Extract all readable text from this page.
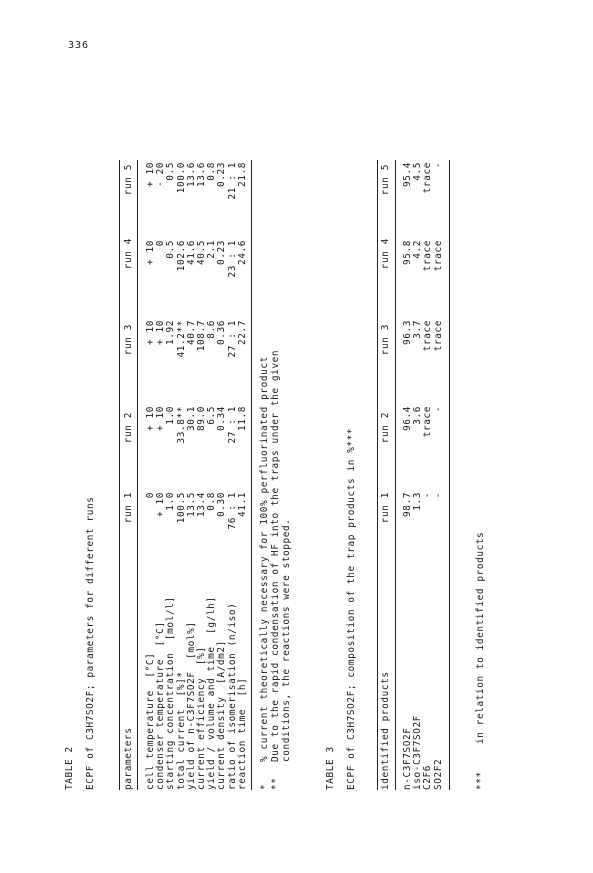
336
TABLE 2 ECPF of C3H7SO2F; parameters for different runs	parameters
run 1
run 2
run 3
run 4
run 5
cell temperature  [°C] condenser temperature  [°C] starting concentration  [mol/l] total current  [%]* yield of n-C3F7SO2F  [mol%] current efficiency  [%] yield / volume and time  [g/lh] current density  [A/dm2] ratio of isomerisation (n/iso) reaction time  [h]
0 + 10 1.0 100.5 13.5 13.4 0.8 0.30 76 : 1 41.1
+ 10 + 10 1.0 33.8** 30.1 89.0 6.5 0.34 27 : 1 11.8
+ 10 + 10 1.92 41.2** 40.7 108.7 8.6 0.36 27 : 1 22.7
+ 10 0 0.5 102.6 41.6 40.5 2.1 0.23 23 : 1 24.6
+ 10 - 20 0.5 100.0 13.6 13.6 0.8 0.23 21 : 1 21.8
*
% current theoretically necessary for 100% perfluorinated product
**
Due to the rapid condensation of HF into the traps under the given conditions, the reactions were stopped.
TABLE 3 ECPF of C3H7SO2F; composition of the trap products in %*** identified products
run 1
run 2
run 3
run 4
run 5
n-C3F7SO2F iso-C3F7SO2F C2F6 SO2F2
98.7 1.3 - -
96.4 3.6 trace -
96.3 3.7 trace trace
95.8 4.2 trace trace
95.4 4.5 trace -
***
in relation to identified products
